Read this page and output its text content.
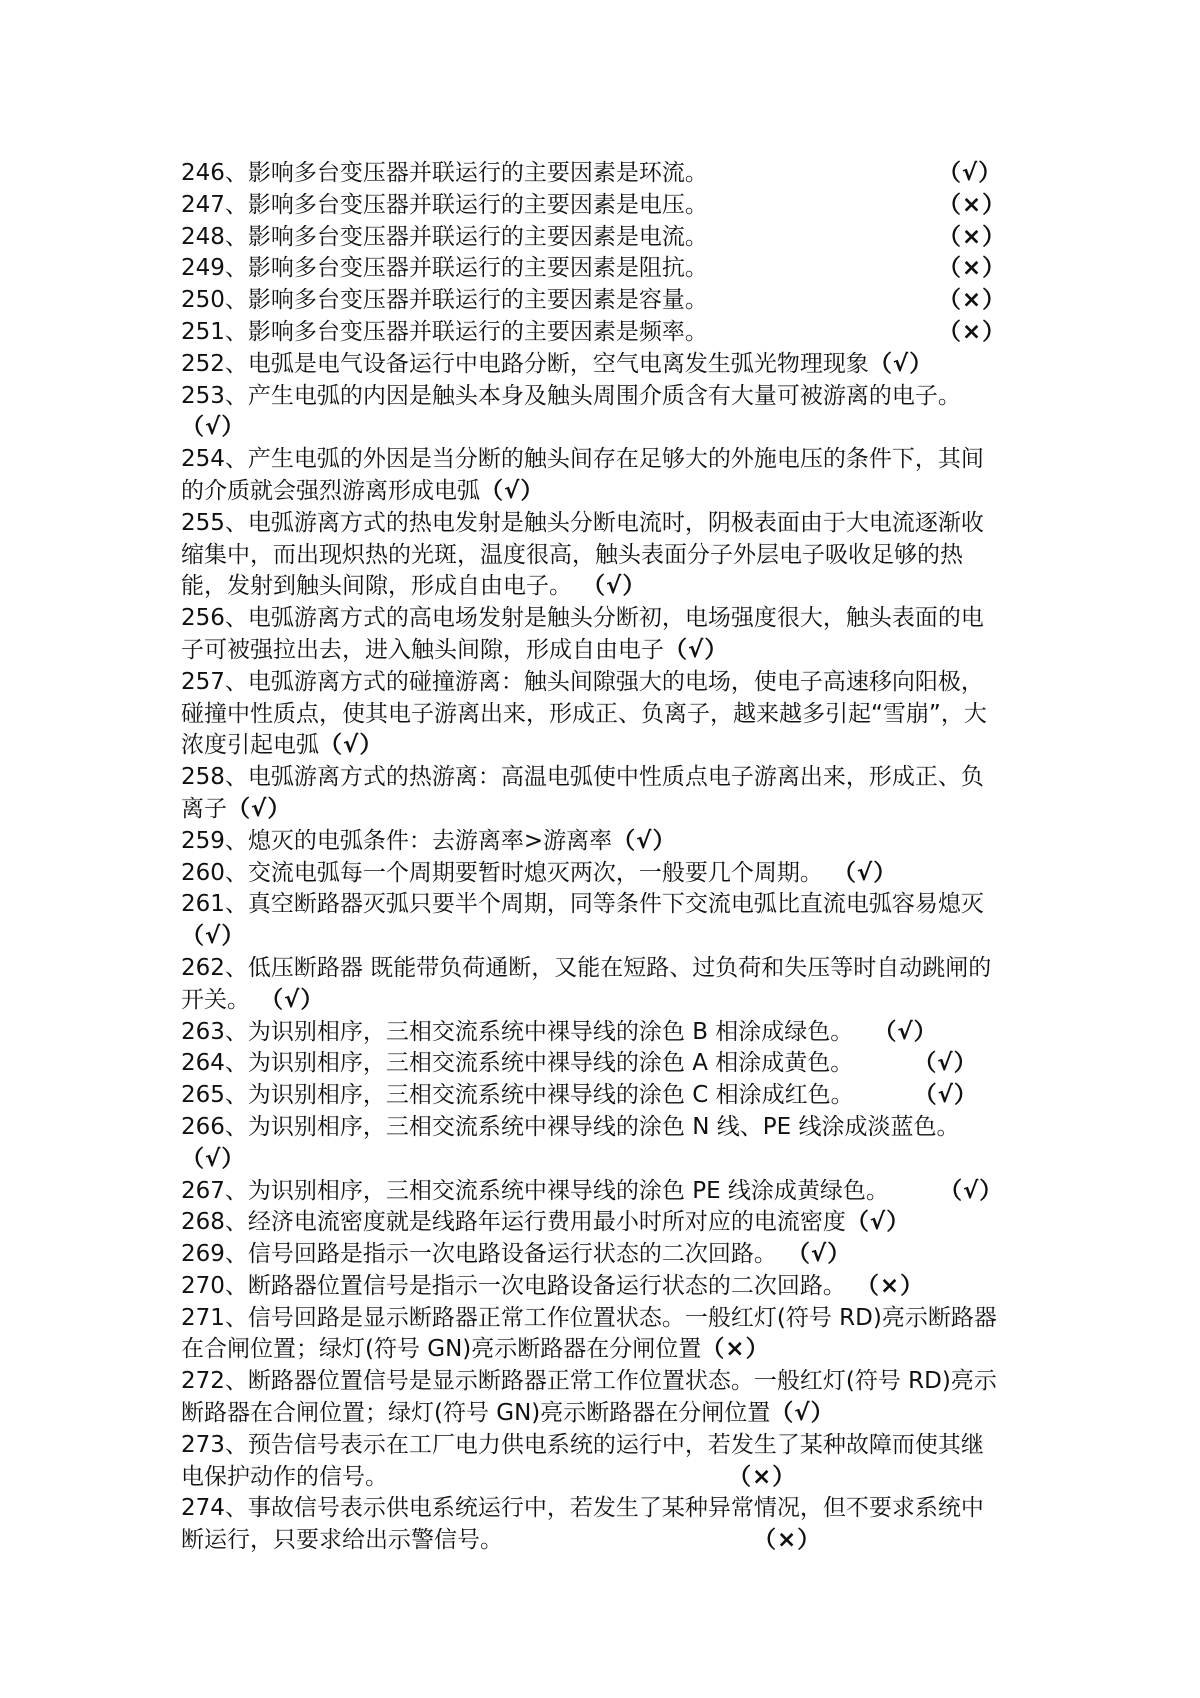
246、影响多台变压器并联运行的主要因素是环流。	（√）
247、影响多台变压器并联运行的主要因素是电压。	（×）
248、影响多台变压器并联运行的主要因素是电流。	（×）
249、影响多台变压器并联运行的主要因素是阻抗。	（×）
250、影响多台变压器并联运行的主要因素是容量。	（×）
251、影响多台变压器并联运行的主要因素是频率。	（×）
252、电弧是电气设备运行中电路分断，空气电离发生弧光物理现象（√）
253、产生电弧的内因是触头本身及触头周围介质含有大量可被游离的电子。
（√）
254、产生电弧的外因是当分断的触头间存在足够大的外施电压的条件下，其间
的介质就会强烈游离形成电弧（√）
255、电弧游离方式的热电发射是触头分断电流时，阴极表面由于大电流逐渐收
缩集中，而出现炽热的光斑，温度很高，触头表面分子外层电子吸收足够的热
能，发射到触头间隙，形成自由电子。 （√）
256、电弧游离方式的高电场发射是触头分断初，电场强度很大，触头表面的电
子可被强拉出去，进入触头间隙，形成自由电子（√）
257、电弧游离方式的碰撞游离：触头间隙强大的电场，使电子高速移向阳极，
碰撞中性质点，使其电子游离出来，形成正、负离子，越来越多引起“雪崩”，大
浓度引起电弧（√）
258、电弧游离方式的热游离：高温电弧使中性质点电子游离出来，形成正、负
离子（√）
259、熄灭的电弧条件：去游离率>游离率（√）
260、交流电弧每一个周期要暂时熄灭两次，一般要几个周期。 （√）
261、真空断路器灭弧只要半个周期，同等条件下交流电弧比直流电弧容易熄灭
（√）
262、低压断路器 既能带负荷通断，又能在短路、过负荷和失压等时自动跳闸的
开关。 （√）
263、为识别相序，三相交流系统中裸导线的涂色 B 相涂成绿色。 （√）
264、为识别相序，三相交流系统中裸导线的涂色 A 相涂成黄色。	（√）
265、为识别相序，三相交流系统中裸导线的涂色 C 相涂成红色。	（√）
266、为识别相序，三相交流系统中裸导线的涂色 N 线、PE 线涂成淡蓝色。
（√）
267、为识别相序，三相交流系统中裸导线的涂色 PE 线涂成黄绿色。 （√）
268、经济电流密度就是线路年运行费用最小时所对应的电流密度（√）
269、信号回路是指示一次电路设备运行状态的二次回路。 （√）
270、断路器位置信号是指示一次电路设备运行状态的二次回路。 （×）
271、信号回路是显示断路器正常工作位置状态。一般红灯(符号 RD)亮示断路器
在合闸位置；绿灯(符号 GN)亮示断路器在分闸位置（×）
272、断路器位置信号是显示断路器正常工作位置状态。一般红灯(符号 RD)亮示
断路器在合闸位置；绿灯(符号 GN)亮示断路器在分闸位置（√）
273、预告信号表示在工厂电力供电系统的运行中，若发生了某种故障而使其继
电保护动作的信号。	（×）
274、事故信号表示供电系统运行中，若发生了某种异常情况，但不要求系统中
断运行，只要求给出示警信号。	（×）
